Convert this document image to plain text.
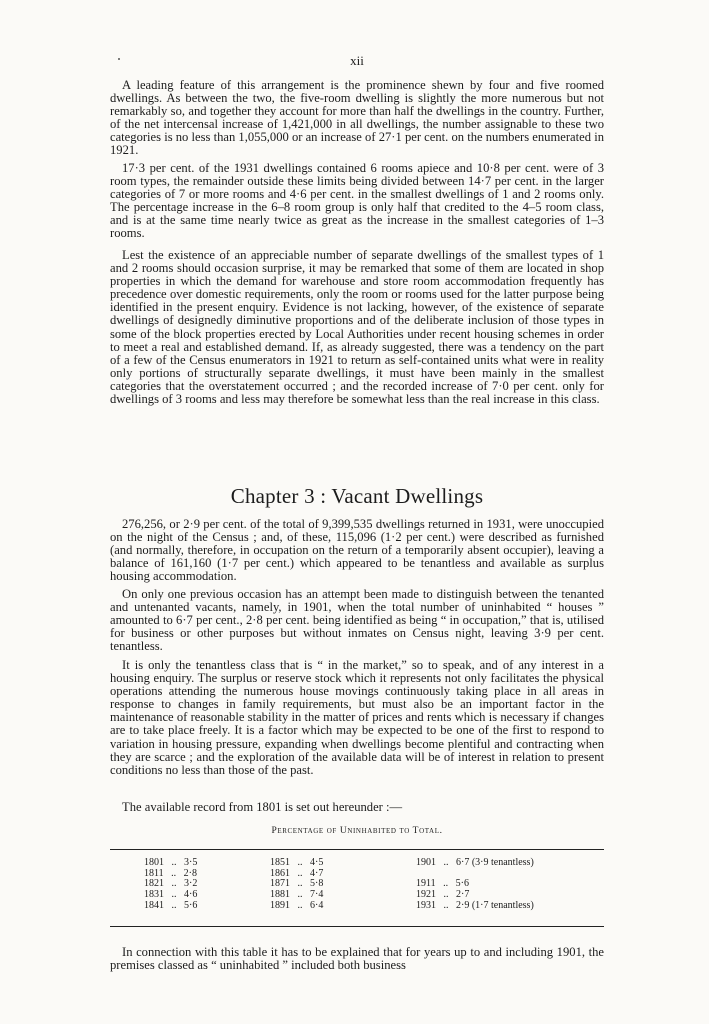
xii

A leading feature of this arrangement is the prominence shewn by four and five roomed dwellings. As between the two, the five-room dwelling is slightly the more numerous but not remarkably so, and together they account for more than half the dwellings in the country. Further, of the net intercensal increase of 1,421,000 in all dwellings, the number assignable to these two categories is no less than 1,055,000 or an increase of 27·1 per cent. on the numbers enumerated in 1921.

17·3 per cent. of the 1931 dwellings contained 6 rooms apiece and 10·8 per cent. were of 3 room types, the remainder outside these limits being divided between 14·7 per cent. in the larger categories of 7 or more rooms and 4·6 per cent. in the smallest dwellings of 1 and 2 rooms only. The percentage increase in the 6–8 room group is only half that credited to the 4–5 room class, and is at the same time nearly twice as great as the increase in the smallest categories of 1–3 rooms.

Lest the existence of an appreciable number of separate dwellings of the smallest types of 1 and 2 rooms should occasion surprise, it may be remarked that some of them are located in shop properties in which the demand for warehouse and store room accommodation frequently has precedence over domestic requirements, only the room or rooms used for the latter purpose being identified in the present enquiry. Evidence is not lacking, however, of the existence of separate dwellings of designedly diminutive proportions and of the deliberate inclusion of those types in some of the block properties erected by Local Authorities under recent housing schemes in order to meet a real and established demand. If, as already suggested, there was a tendency on the part of a few of the Census enumerators in 1921 to return as self-contained units what were in reality only portions of structurally separate dwellings, it must have been mainly in the smallest categories that the overstatement occurred ; and the recorded increase of 7·0 per cent. only for dwellings of 3 rooms and less may therefore be somewhat less than the real increase in this class.

Chapter 3 : Vacant Dwellings

276,256, or 2·9 per cent. of the total of 9,399,535 dwellings returned in 1931, were unoccupied on the night of the Census ; and, of these, 115,096 (1·2 per cent.) were described as furnished (and normally, therefore, in occupation on the return of a temporarily absent occupier), leaving a balance of 161,160 (1·7 per cent.) which appeared to be tenantless and available as surplus housing accommodation.

On only one previous occasion has an attempt been made to distinguish between the tenanted and untenanted vacants, namely, in 1901, when the total number of uninhabited “ houses ” amounted to 6·7 per cent., 2·8 per cent. being identified as being “ in occupation,” that is, utilised for business or other purposes but without inmates on Census night, leaving 3·9 per cent. tenantless.

It is only the tenantless class that is “ in the market,” so to speak, and of any interest in a housing enquiry. The surplus or reserve stock which it represents not only facilitates the physical operations attending the numerous house movings continuously taking place in all areas in response to changes in family requirements, but must also be an important factor in the maintenance of reasonable stability in the matter of prices and rents which is necessary if changes are to take place freely. It is a factor which may be expected to be one of the first to respond to variation in housing pressure, expanding when dwellings become plentiful and contracting when they are scarce ; and the exploration of the available data will be of interest in relation to present conditions no less than those of the past.

The available record from 1801 is set out hereunder :—

Percentage of Uninhabited to Total.
1801 .. 3·5
1811 .. 2·8
1821 .. 3·2
1831 .. 4·6
1841 .. 5·6
1851 .. 4·5
1861 .. 4·7
1871 .. 5·8
1881 .. 7·4
1891 .. 6·4
1901 .. 6·7 (3·9 tenantless)

1911 .. 5·6
1921 .. 2·7
1931 .. 2·9 (1·7 tenantless)

In connection with this table it has to be explained that for years up to and including 1901, the premises classed as “ uninhabited ” included both business
